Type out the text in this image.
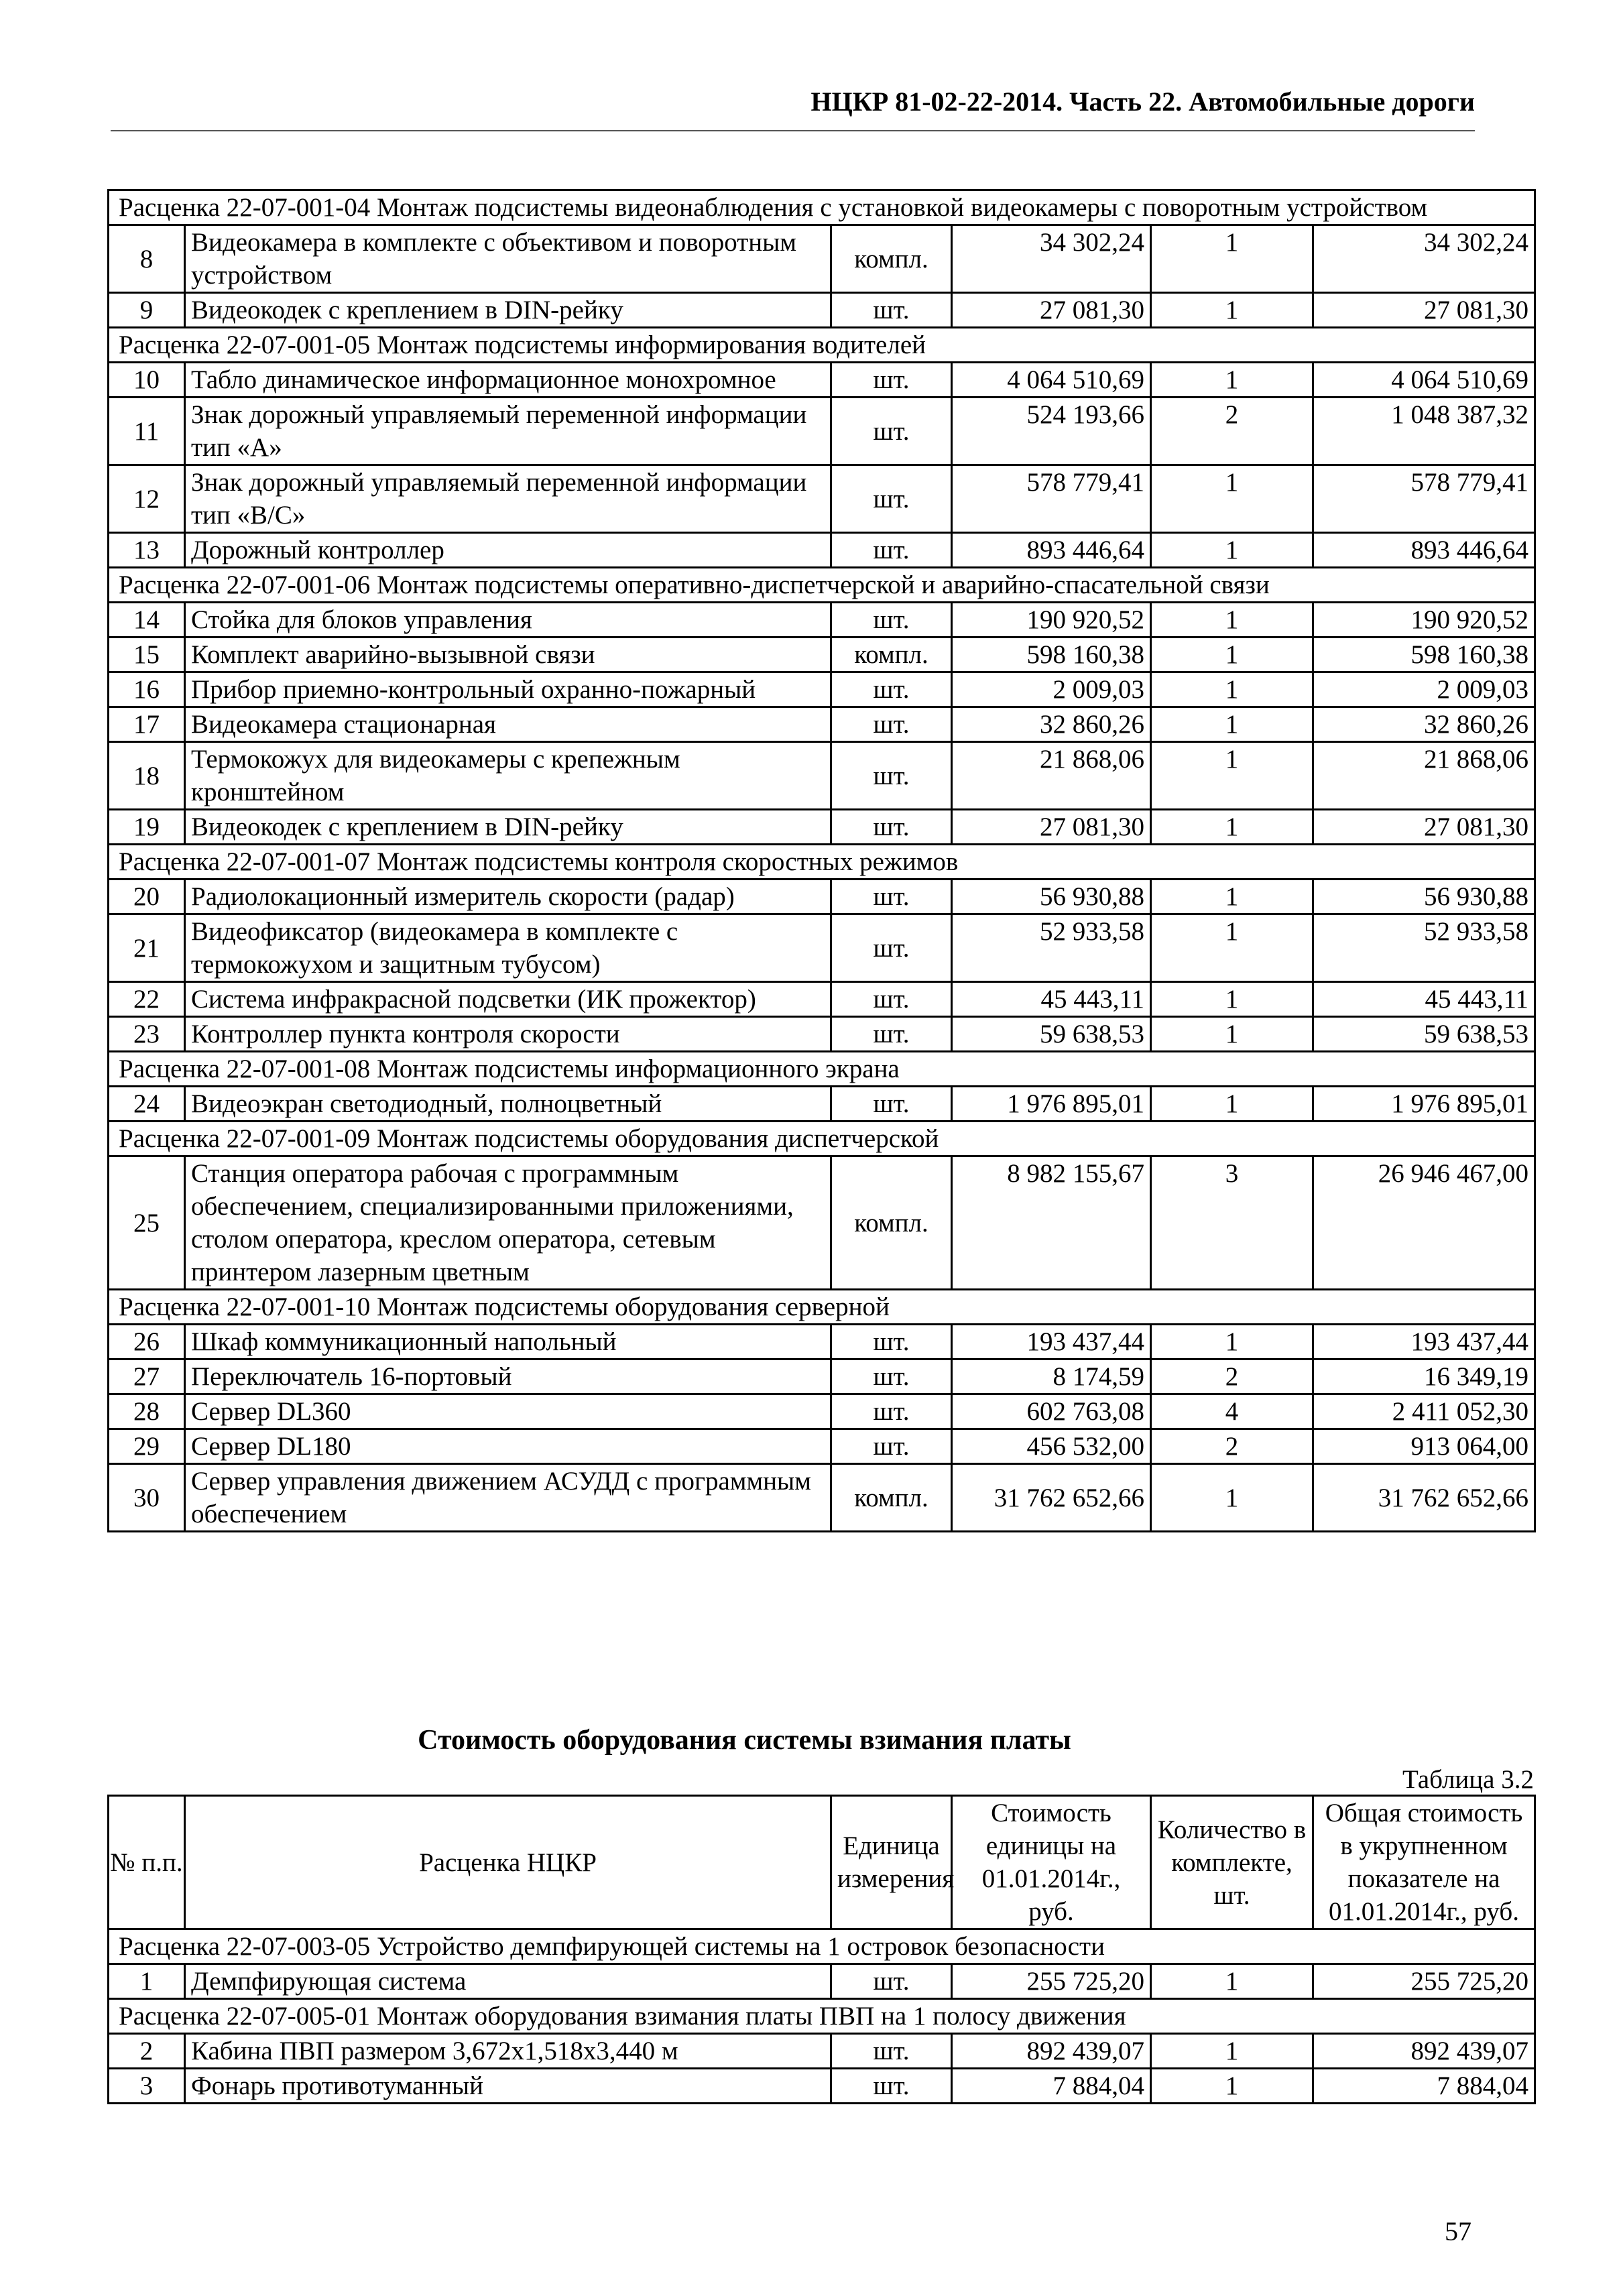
НЦКР 81-02-22-2014. Часть 22. Автомобильные дороги
Расценка 22-07-001-04 Монтаж подсистемы видеонаблюдения с установкой видеокамеры с поворотным устройством					
8	Видеокамера в комплекте с объективом и поворотным устройством	компл.	34 302,24	1	34 302,24
9	Видеокодек с креплением в DIN-рейку	шт.	27 081,30	1	27 081,30
Расценка 22-07-001-05 Монтаж подсистемы информирования водителей					
10	Табло динамическое информационное монохромное	шт.	4 064 510,69	1	4 064 510,69
11	Знак дорожный управляемый переменной информации тип «А»	шт.	524 193,66	2	1 048 387,32
12	Знак дорожный управляемый переменной информации тип «В/С»	шт.	578 779,41	1	578 779,41
13	Дорожный контроллер	шт.	893 446,64	1	893 446,64
Расценка 22-07-001-06 Монтаж подсистемы оперативно-диспетчерской и аварийно-спасательной связи					
14	Стойка для блоков управления	шт.	190 920,52	1	190 920,52
15	Комплект аварийно-вызывной связи	компл.	598 160,38	1	598 160,38
16	Прибор приемно-контрольный охранно-пожарный	шт.	2 009,03	1	2 009,03
17	Видеокамера стационарная	шт.	32 860,26	1	32 860,26
18	Термокожух для видеокамеры с крепежным кронштейном	шт.	21 868,06	1	21 868,06
19	Видеокодек с креплением в DIN-рейку	шт.	27 081,30	1	27 081,30
Расценка 22-07-001-07 Монтаж подсистемы контроля скоростных режимов					
20	Радиолокационный измеритель скорости (радар)	шт.	56 930,88	1	56 930,88
21	Видеофиксатор (видеокамера в комплекте с термокожухом и защитным тубусом)	шт.	52 933,58	1	52 933,58
22	Система инфракрасной подсветки (ИК прожектор)	шт.	45 443,11	1	45 443,11
23	Контроллер пункта контроля скорости	шт.	59 638,53	1	59 638,53
Расценка 22-07-001-08 Монтаж подсистемы информационного экрана					
24	Видеоэкран светодиодный, полноцветный	шт.	1 976 895,01	1	1 976 895,01
Расценка 22-07-001-09 Монтаж подсистемы оборудования диспетчерской					
25	Станция оператора рабочая с программным обеспечением, специализированными приложениями, столом оператора, креслом оператора, сетевым принтером лазерным цветным	компл.	8 982 155,67	3	26 946 467,00
Расценка 22-07-001-10 Монтаж подсистемы оборудования серверной					
26	Шкаф коммуникационный напольный	шт.	193 437,44	1	193 437,44
27	Переключатель 16-портовый	шт.	8 174,59	2	16 349,19
28	Сервер DL360	шт.	602 763,08	4	2 411 052,30
29	Сервер DL180	шт.	456 532,00	2	913 064,00
30	Сервер управления движением АСУДД с программным обеспечением	компл.	31 762 652,66	1	31 762 652,66
Стоимость оборудования системы взимания платы
Таблица 3.2
№ п.п.	Расценка НЦКР	Единица измерения	Стоимость единицы на 01.01.2014г., руб.	Количество в комплекте, шт.	Общая стоимость в укрупненном показателе на 01.01.2014г., руб.
Расценка 22-07-003-05 Устройство демпфирующей системы на 1 островок безопасности					
1	Демпфирующая система	шт.	255 725,20	1	255 725,20
Расценка 22-07-005-01 Монтаж оборудования взимания платы ПВП на 1 полосу движения					
2	Кабина ПВП размером 3,672x1,518x3,440 м	шт.	892 439,07	1	892 439,07
3	Фонарь противотуманный	шт.	7 884,04	1	7 884,04
57
